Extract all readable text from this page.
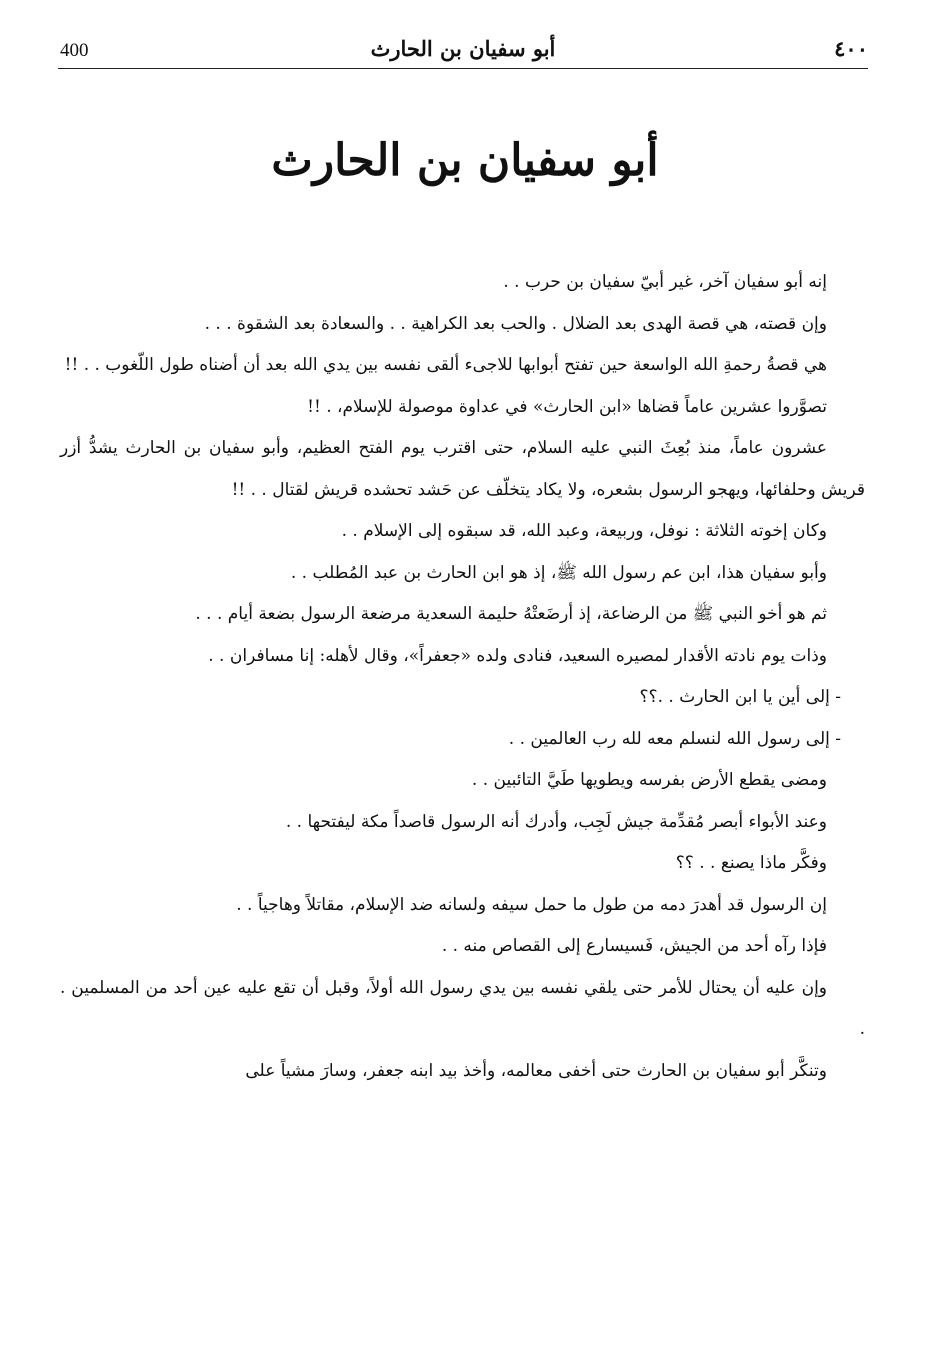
400	أبو سفيان بن الحارث	٤٠٠
أبو سفيان بن الحارث

إنه أبو سفيان آخر، غير أبيّ سفيان بن حرب . .

وإن قصته، هي قصة الهدى بعد الضلال . والحب بعد الكراهية . . والسعادة بعد الشقوة . . .

هي قصةُ رحمةِ الله الواسعة حين تفتح أبوابها للاجىء ألقى نفسه بين يدي الله بعد أن أضناه طول اللّغوب . . !!

تصوَّروا عشرين عاماً قضاها «ابن الحارث» في عداوة موصولة للإسلام، . !!

عشرون عاماً، منذ بُعِثَ النبي عليه السلام، حتى اقترب يوم الفتح العظيم، وأبو سفيان بن الحارث يشدُّ أزر قريش وحلفائها، ويهجو الرسول بشعره، ولا يكاد يتخلّف عن حَشد تحشده قريش لقتال . . !!

وكان إخوته الثلاثة : نوفل، وربيعة، وعبد الله، قد سبقوه إلى الإسلام . .

وأبو سفيان هذا، ابن عم رسول الله ﷺ، إذ هو ابن الحارث بن عبد المُطلب . .

ثم هو أخو النبي ﷺ من الرضاعة، إذ أرضَعتْهُ حليمة السعدية مرضعة الرسول بضعة أيام . . .

وذات يوم نادته الأقدار لمصيره السعيد، فنادى ولده «جعفراً»، وقال لأهله: إنا مسافران . .

- إلى أين يا ابن الحارث . .؟؟

- إلى رسول الله لنسلم معه لله رب العالمين . .

ومضى يقطع الأرض بفرسه ويطويها طَيَّ التائبين . .

وعند الأبواء أبصر مُقدِّمة جيش لَجِب، وأدرك أنه الرسول قاصداً مكة ليفتحها . .

وفكَّر ماذا يصنع . . ؟؟

إن الرسول قد أهدرَ دمه من طول ما حمل سيفه ولسانه ضد الإسلام، مقاتلاً وهاجياً . .

فإذا رآه أحد من الجيش، فَسيسارع إلى القصاص منه . .

وإن عليه أن يحتال للأمر حتى يلقي نفسه بين يدي رسول الله أولاً، وقبل أن تقع عليه عين أحد من المسلمين . .

وتنكَّر أبو سفيان بن الحارث حتى أخفى معالمه، وأخذ بيد ابنه جعفر، وسارَ مشياً على
